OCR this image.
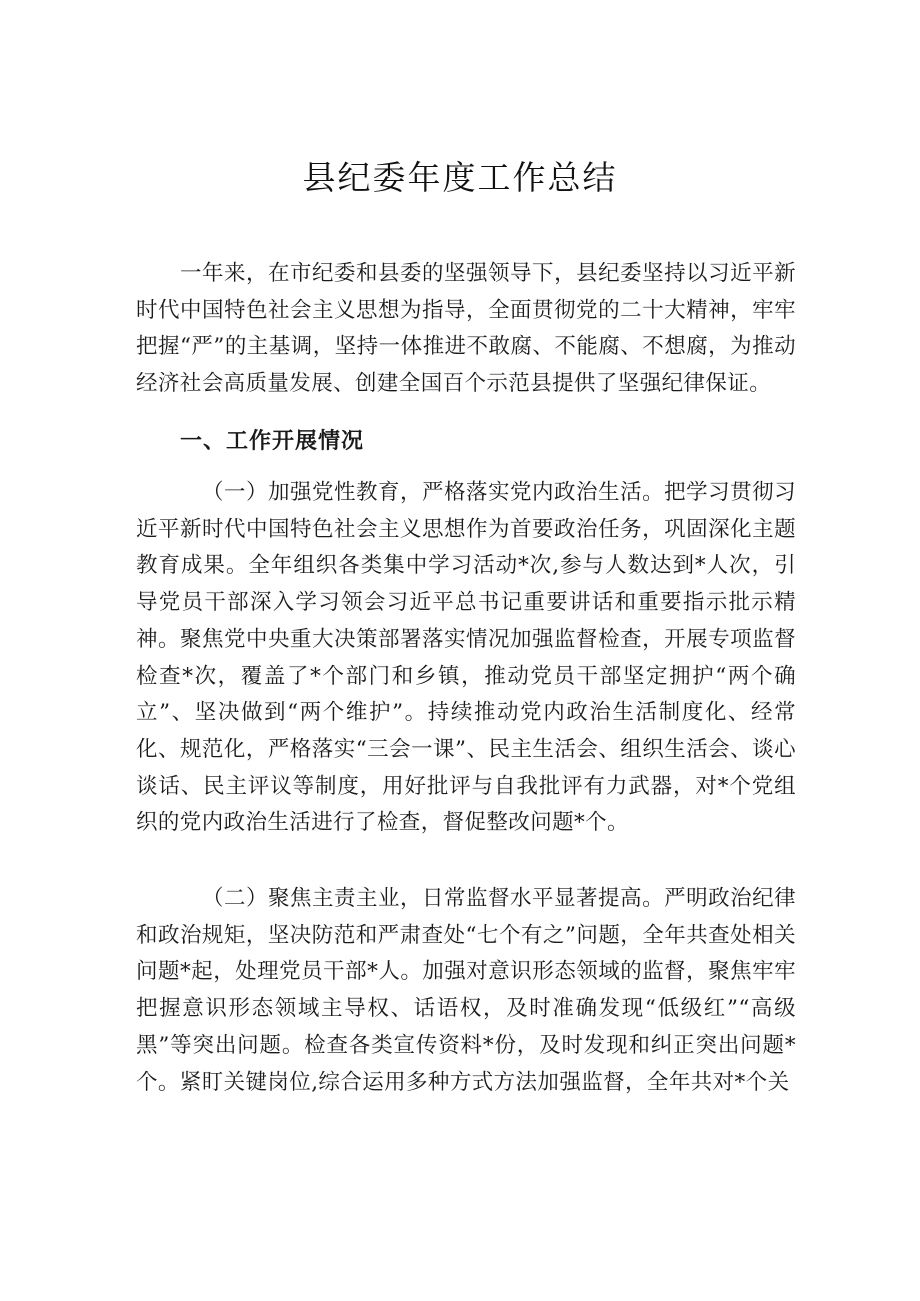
县纪委年度工作总结
一年来，在市纪委和县委的坚强领导下，县纪委坚持以习近平新时代中国特色社会主义思想为指导，全面贯彻党的二十大精神，牢牢把握“严”的主基调，坚持一体推进不敢腐、不能腐、不想腐，为推动经济社会高质量发展、创建全国百个示范县提供了坚强纪律保证。
一、工作开展情况
（一）加强党性教育，严格落实党内政治生活。把学习贯彻习近平新时代中国特色社会主义思想作为首要政治任务，巩固深化主题教育成果。全年组织各类集中学习活动*次,参与人数达到*人次，引导党员干部深入学习领会习近平总书记重要讲话和重要指示批示精神。聚焦党中央重大决策部署落实情况加强监督检查，开展专项监督检查*次，覆盖了*个部门和乡镇，推动党员干部坚定拥护“两个确立”、坚决做到“两个维护”。持续推动党内政治生活制度化、经常化、规范化，严格落实“三会一课”、民主生活会、组织生活会、谈心谈话、民主评议等制度，用好批评与自我批评有力武器，对*个党组织的党内政治生活进行了检查，督促整改问题*个。
（二）聚焦主责主业，日常监督水平显著提高。严明政治纪律和政治规矩，坚决防范和严肃查处“七个有之”问题，全年共查处相关问题*起，处理党员干部*人。加强对意识形态领域的监督，聚焦牢牢把握意识形态领域主导权、话语权，及时准确发现“低级红”“高级黑”等突出问题。检查各类宣传资料*份，及时发现和纠正突出问题*个。紧盯关键岗位,综合运用多种方式方法加强监督，全年共对*个关
